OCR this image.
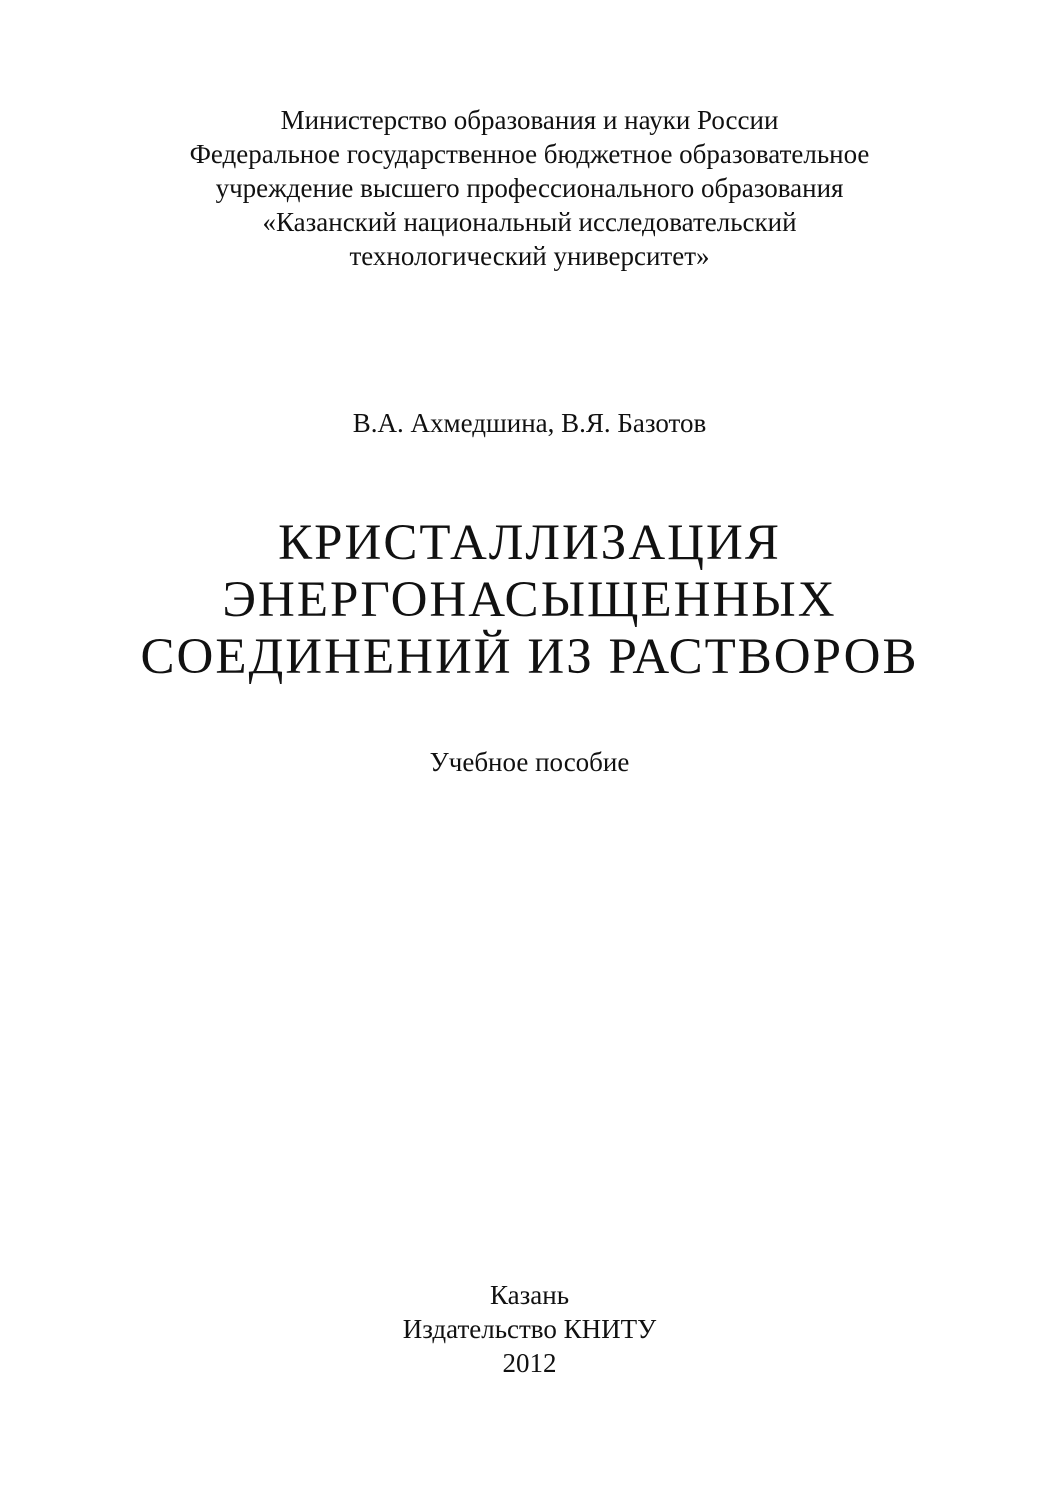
Министерство образования и науки России
Федеральное государственное бюджетное образовательное
учреждение высшего профессионального образования
«Казанский национальный исследовательский
технологический университет»
В.А. Ахмедшина, В.Я. Базотов
КРИСТАЛЛИЗАЦИЯ
ЭНЕРГОНАСЫЩЕННЫХ
СОЕДИНЕНИЙ ИЗ РАСТВОРОВ
Учебное пособие
Казань
Издательство КНИТУ
2012
